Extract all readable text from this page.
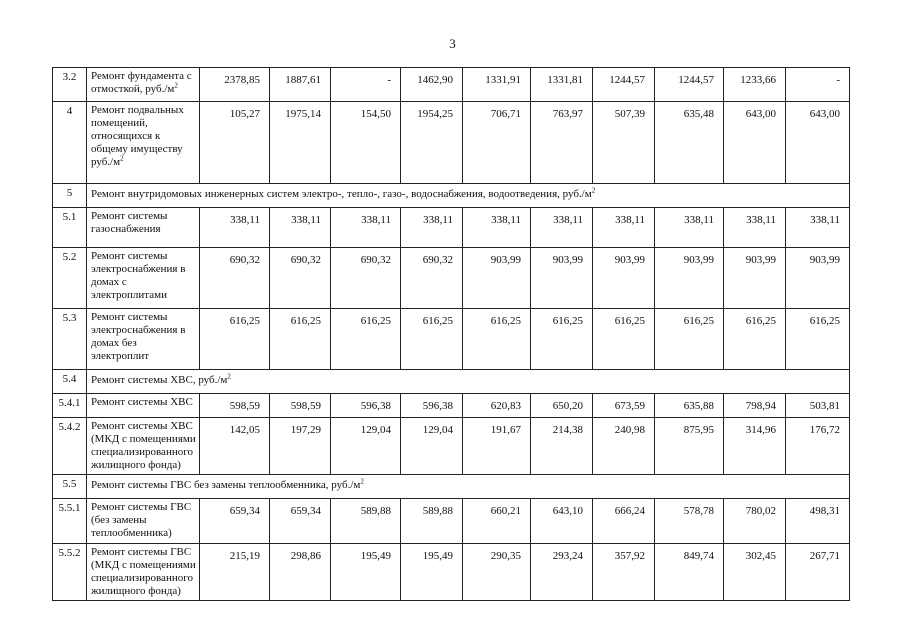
3
3.2	Ремонт фундамента с отмосткой, $руб./м^2$	2378,85	1887,61	-	1462,90	1331,91	1331,81	1244,57	1244,57	1233,66	-
4	Ремонт подвальных помещений, относящихся к общему имуществу $руб./м^2$	105,27	1975,14	154,50	1954,25	706,71	763,97	507,39	635,48	643,00	643,00
5	Ремонт внутридомовых инженерных систем электро-, тепло-, газо-, водоснабжения, водоотведения, $руб./м^2$
5.1	Ремонт системы газоснабжения	338,11	338,11	338,11	338,11	338,11	338,11	338,11	338,11	338,11	338,11
5.2	Ремонт системы электроснабжения в домах с электроплитами	690,32	690,32	690,32	690,32	903,99	903,99	903,99	903,99	903,99	903,99
5.3	Ремонт системы электроснабжения в домах без электроплит	616,25	616,25	616,25	616,25	616,25	616,25	616,25	616,25	616,25	616,25
5.4	Ремонт системы ХВС, $руб./м^2$
5.4.1	Ремонт системы ХВС	598,59	598,59	596,38	596,38	620,83	650,20	673,59	635,88	798,94	503,81
5.4.2	Ремонт системы ХВС (МКД с помещениями специализированного жилищного фонда)	142,05	197,29	129,04	129,04	191,67	214,38	240,98	875,95	314,96	176,72
5.5	Ремонт системы ГВС без замены теплообменника, $руб./м^2$
5.5.1	Ремонт системы ГВС (без замены теплообменника)	659,34	659,34	589,88	589,88	660,21	643,10	666,24	578,78	780,02	498,31
5.5.2	Ремонт системы ГВС (МКД с помещениями специализированного жилищного фонда)	215,19	298,86	195,49	195,49	290,35	293,24	357,92	849,74	302,45	267,71
